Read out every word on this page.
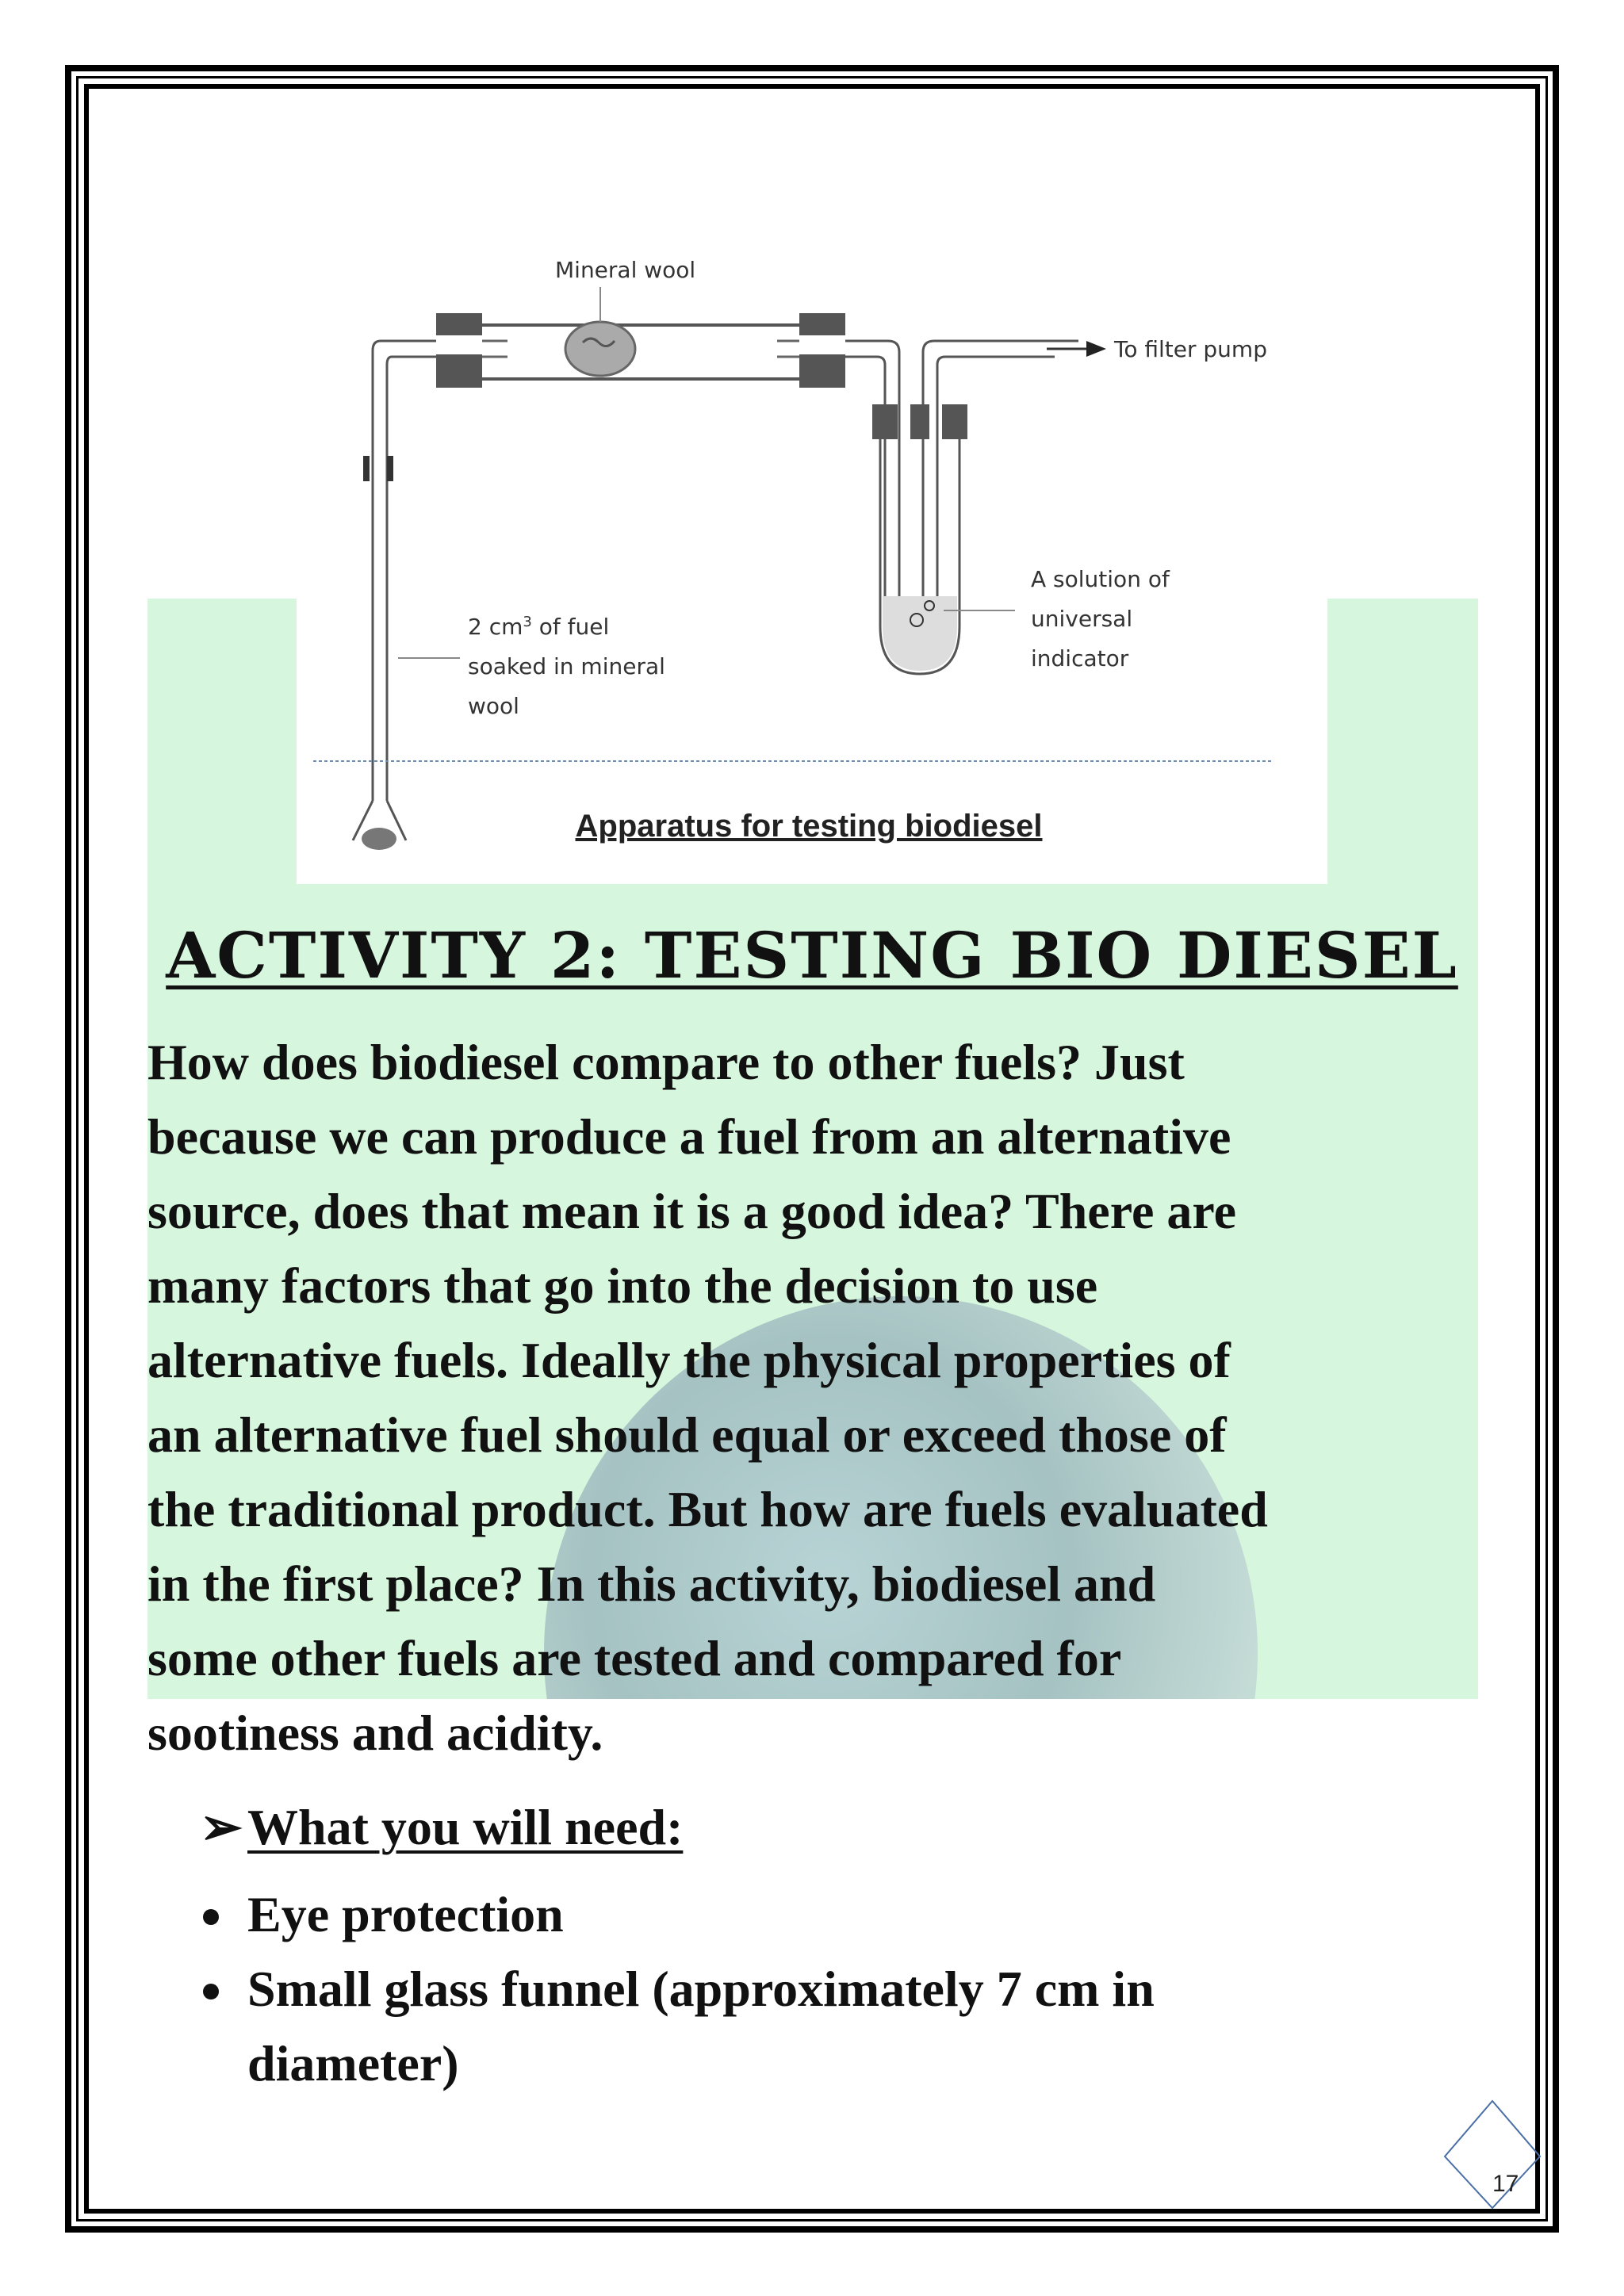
Mineral wool
To filter pump
A solution of
universal
indicator
2 $cm^3$ of fuel
soaked in mineral
wool
Apparatus for testing biodiesel
ACTIVITY 2: TESTING BIO DIESEL
How does biodiesel compare to other fuels? Just
because we can produce a fuel from an alternative
source, does that mean it is a good idea? There are
many factors that go into the decision to use
alternative fuels. Ideally the physical properties of
an alternative fuel should equal or exceed those of
the traditional product. But how are fuels evaluated
in the first place? In this activity, biodiesel and
some other fuels are tested and compared for
sootiness and acidity.
➢What you will need:
Eye protection
Small glass funnel (approximately 7 cm in
diameter)
17
